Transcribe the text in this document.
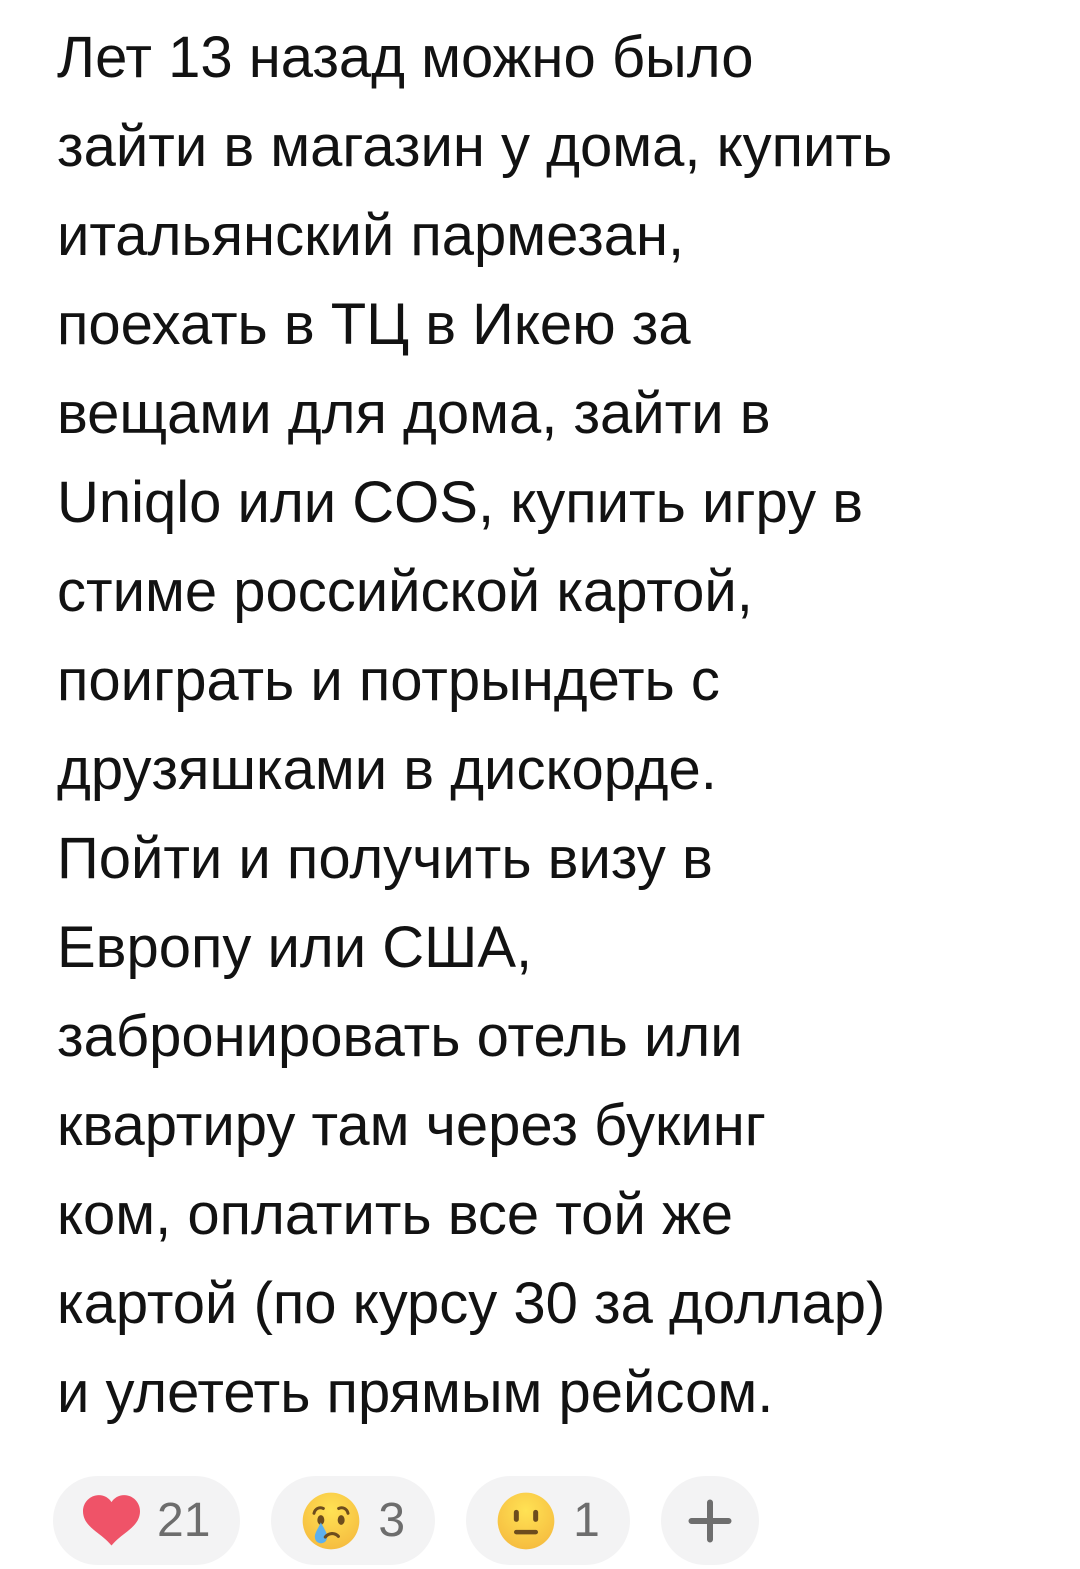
Лет 13 назад можно было
зайти в магазин у дома, купить
итальянский пармезан,
поехать в ТЦ в Икею за
вещами для дома, зайти в
Uniqlo или COS, купить игру в
стиме российской картой,
поиграть и потрындеть с
друзяшками в дискорде.
Пойти и получить визу в
Европу или США,
забронировать отель или
квартиру там через букинг
ком, оплатить все той же
картой (по курсу 30 за доллар)
и улететь прямым рейсом.
21	3	1
